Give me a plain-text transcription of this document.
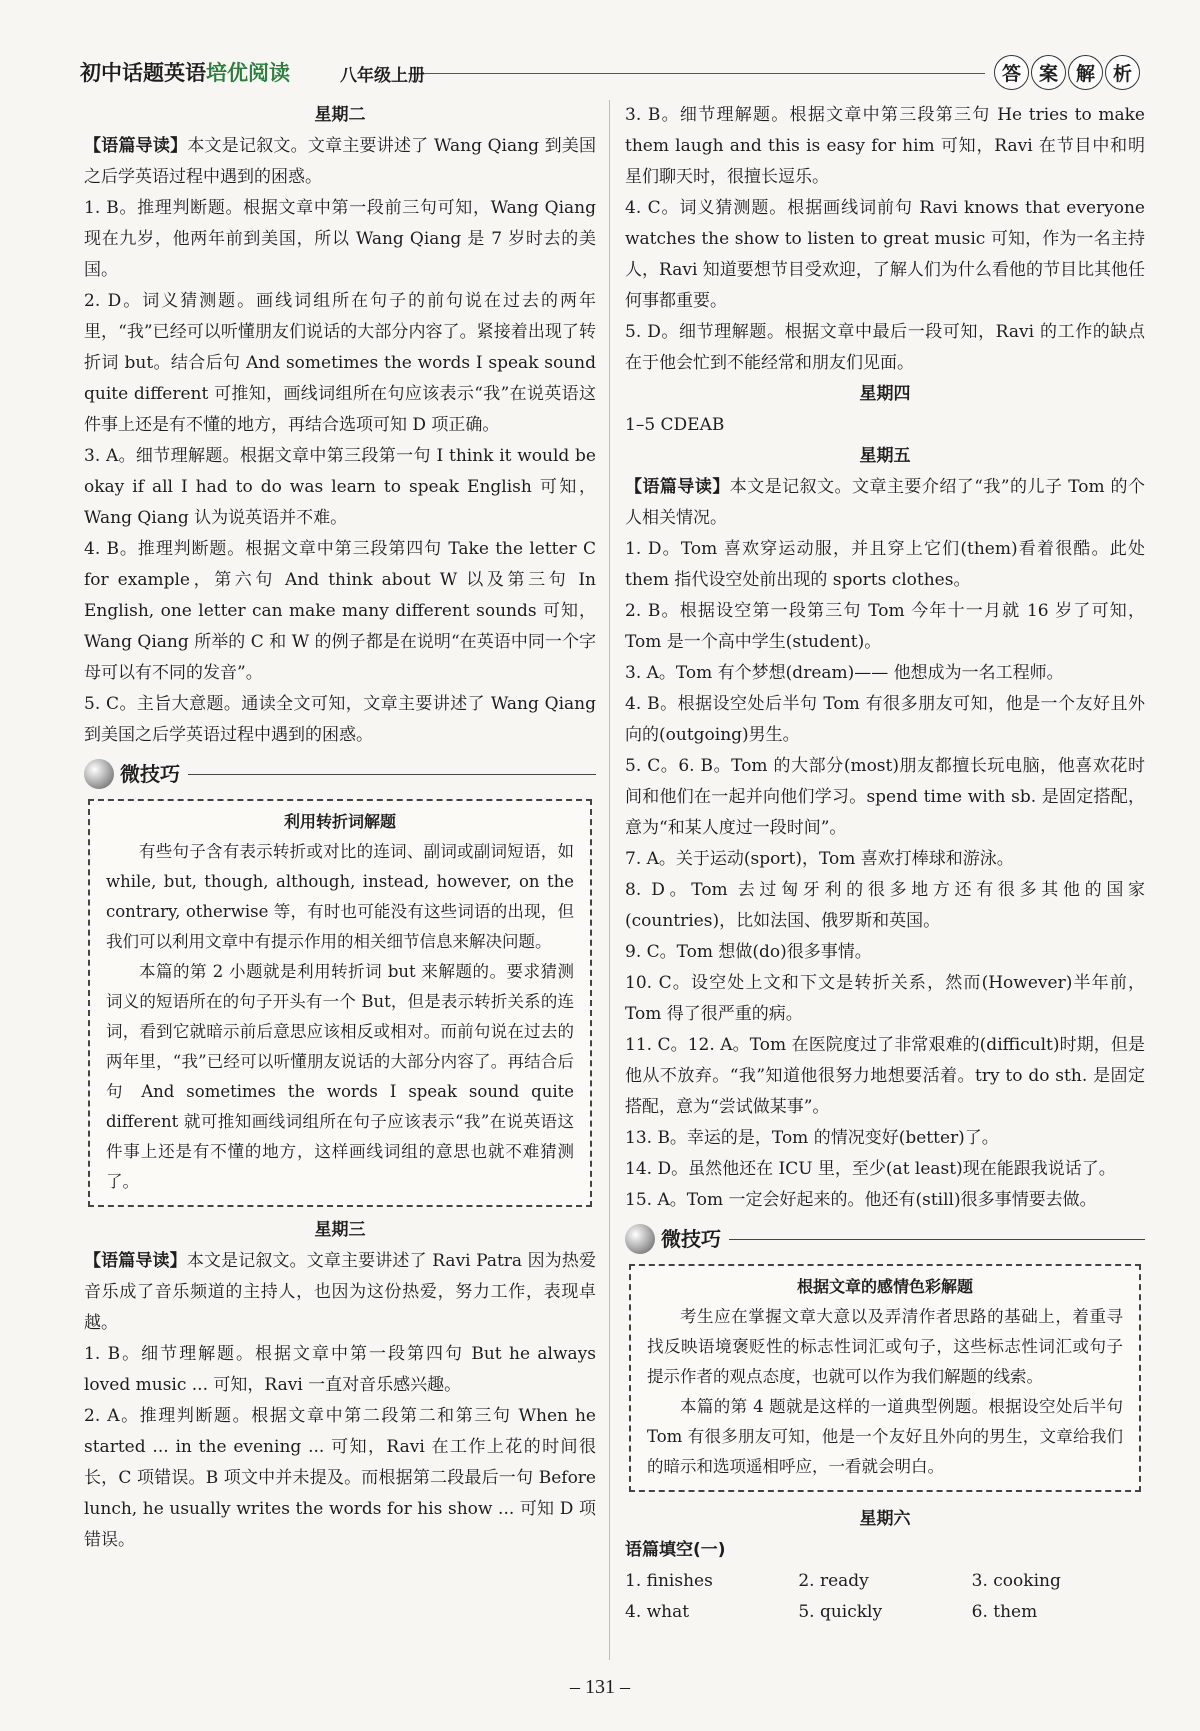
初中话题英语培优阅读	八年级上册	答 案 解 析
星期二

【语篇导读】本文是记叙文。文章主要讲述了 Wang Qiang 到美国之后学英语过程中遇到的困惑。

1. B。推理判断题。根据文章中第一段前三句可知，Wang Qiang 现在九岁，他两年前到美国，所以 Wang Qiang 是 7 岁时去的美国。

2. D。词义猜测题。画线词组所在句子的前句说在过去的两年里，“我”已经可以听懂朋友们说话的大部分内容了。紧接着出现了转折词 but。结合后句 And sometimes the words I speak sound quite different 可推知，画线词组所在句应该表示“我”在说英语这件事上还是有不懂的地方，再结合选项可知 D 项正确。

3. A。细节理解题。根据文章中第三段第一句 I think it would be okay if all I had to do was learn to speak English 可知，Wang Qiang 认为说英语并不难。

4. B。推理判断题。根据文章中第三段第四句 Take the letter C for example，第六句 And think about W 以及第三句 In English, one letter can make many different sounds 可知，Wang Qiang 所举的 C 和 W 的例子都是在说明“在英语中同一个字母可以有不同的发音”。

5. C。主旨大意题。通读全文可知，文章主要讲述了 Wang Qiang 到美国之后学英语过程中遇到的困惑。

微技巧
利用转折词解题

有些句子含有表示转折或对比的连词、副词或副词短语，如 while, but, though, although, instead, however, on the contrary, otherwise 等，有时也可能没有这些词语的出现，但我们可以利用文章中有提示作用的相关细节信息来解决问题。

本篇的第 2 小题就是利用转折词 but 来解题的。要求猜测词义的短语所在的句子开头有一个 But，但是表示转折关系的连词，看到它就暗示前后意思应该相反或相对。而前句说在过去的两年里，“我”已经可以听懂朋友说话的大部分内容了。再结合后句 And sometimes the words I speak sound quite different 就可推知画线词组所在句子应该表示“我”在说英语这件事上还是有不懂的地方，这样画线词组的意思也就不难猜测了。

星期三

【语篇导读】本文是记叙文。文章主要讲述了 Ravi Patra 因为热爱音乐成了音乐频道的主持人，也因为这份热爱，努力工作，表现卓越。

1. B。细节理解题。根据文章中第一段第四句 But he always loved music ... 可知，Ravi 一直对音乐感兴趣。

2. A。推理判断题。根据文章中第二段第二和第三句 When he started ... in the evening ... 可知，Ravi 在工作上花的时间很长，C 项错误。B 项文中并未提及。而根据第二段最后一句 Before lunch, he usually writes the words for his show ... 可知 D 项错误。

3. B。细节理解题。根据文章中第三段第三句 He tries to make them laugh and this is easy for him 可知，Ravi 在节目中和明星们聊天时，很擅长逗乐。

4. C。词义猜测题。根据画线词前句 Ravi knows that everyone watches the show to listen to great music 可知，作为一名主持人，Ravi 知道要想节目受欢迎，了解人们为什么看他的节目比其他任何事都重要。

5. D。细节理解题。根据文章中最后一段可知，Ravi 的工作的缺点在于他会忙到不能经常和朋友们见面。

星期四

1–5 CDEAB

星期五

【语篇导读】本文是记叙文。文章主要介绍了“我”的儿子 Tom 的个人相关情况。

1. D。Tom 喜欢穿运动服，并且穿上它们(them)看着很酷。此处 them 指代设空处前出现的 sports clothes。

2. B。根据设空第一段第三句 Tom 今年十一月就 16 岁了可知，Tom 是一个高中学生(student)。

3. A。Tom 有个梦想(dream)—— 他想成为一名工程师。

4. B。根据设空处后半句 Tom 有很多朋友可知，他是一个友好且外向的(outgoing)男生。

5. C。6. B。Tom 的大部分(most)朋友都擅长玩电脑，他喜欢花时间和他们在一起并向他们学习。spend time with sb. 是固定搭配，意为“和某人度过一段时间”。

7. A。关于运动(sport)，Tom 喜欢打棒球和游泳。

8. D。Tom 去过匈牙利的很多地方还有很多其他的国家(countries)，比如法国、俄罗斯和英国。

9. C。Tom 想做(do)很多事情。

10. C。设空处上文和下文是转折关系，然而(However)半年前，Tom 得了很严重的病。

11. C。12. A。Tom 在医院度过了非常艰难的(difficult)时期，但是他从不放弃。“我”知道他很努力地想要活着。try to do sth. 是固定搭配，意为“尝试做某事”。

13. B。幸运的是，Tom 的情况变好(better)了。

14. D。虽然他还在 ICU 里，至少(at least)现在能跟我说话了。

15. A。Tom 一定会好起来的。他还有(still)很多事情要去做。

微技巧
根据文章的感情色彩解题

考生应在掌握文章大意以及弄清作者思路的基础上，着重寻找反映语境褒贬性的标志性词汇或句子，这些标志性词汇或句子提示作者的观点态度，也就可以作为我们解题的线索。

本篇的第 4 题就是这样的一道典型例题。根据设空处后半句 Tom 有很多朋友可知，他是一个友好且外向的男生，文章给我们的暗示和选项遥相呼应，一看就会明白。

星期六
语篇填空(一)
1. finishes	2. ready	3. cooking
4. what	5. quickly	6. them
– 131 –
